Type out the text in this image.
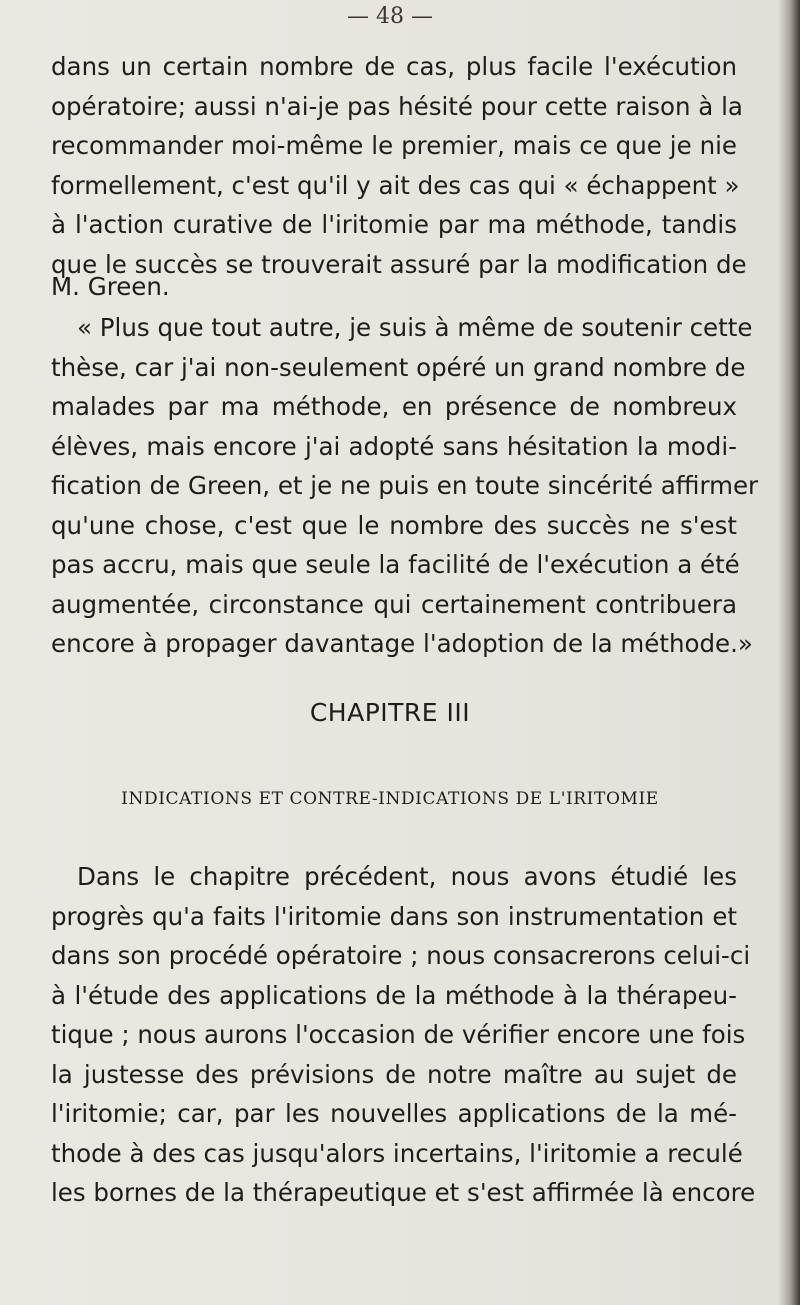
— 48 —
dans un certain nombre de cas, plus facile l'exécution
opératoire; aussi n'ai-je pas hésité pour cette raison à la
recommander moi-même le premier, mais ce que je nie
formellement, c'est qu'il y ait des cas qui « échappent »
à l'action curative de l'iritomie par ma méthode, tandis
que le succès se trouverait assuré par la modification de
M. Green.
« Plus que tout autre, je suis à même de soutenir cette
thèse, car j'ai non-seulement opéré un grand nombre de
malades par ma méthode, en présence de nombreux
élèves, mais encore j'ai adopté sans hésitation la modi-
fication de Green, et je ne puis en toute sincérité affirmer
qu'une chose, c'est que le nombre des succès ne s'est
pas accru, mais que seule la facilité de l'exécution a été
augmentée, circonstance qui certainement contribuera
encore à propager davantage l'adoption de la méthode.»
CHAPITRE III
INDICATIONS ET CONTRE-INDICATIONS DE L'IRITOMIE
Dans le chapitre précédent, nous avons étudié les
progrès qu'a faits l'iritomie dans son instrumentation et
dans son procédé opératoire ; nous consacrerons celui-ci
à l'étude des applications de la méthode à la thérapeu-
tique ; nous aurons l'occasion de vérifier encore une fois
la justesse des prévisions de notre maître au sujet de
l'iritomie; car, par les nouvelles applications de la mé-
thode à des cas jusqu'alors incertains, l'iritomie a reculé
les bornes de la thérapeutique et s'est affirmée là encore
